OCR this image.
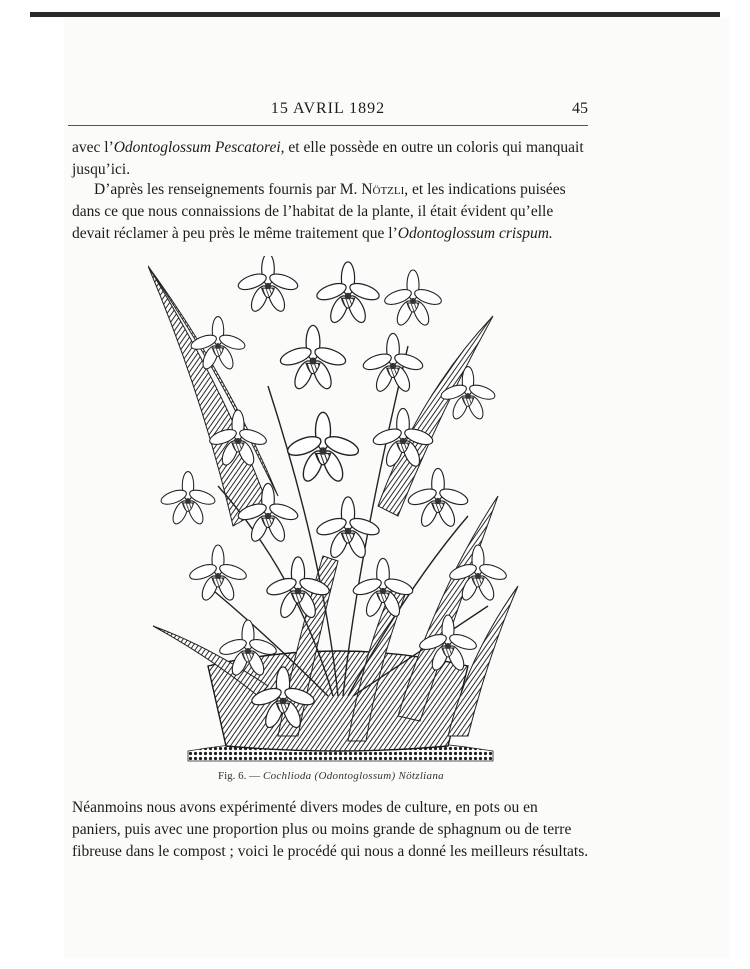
15 AVRIL 1892	45
avec l’Odontoglossum Pescatorei, et elle possède en outre un coloris qui manquait
jusqu’ici.
D’après les renseignements fournis par M. Nötzli, et les indications puisées
dans ce que nous connaissions de l’habitat de la plante, il était évident qu’elle
devait réclamer à peu près le même traitement que l’Odontoglossum crispum.
Fig. 6. — Cochlioda (Odontoglossum) Nötzliana
Néanmoins nous avons expérimenté divers modes de culture, en pots ou en
paniers, puis avec une proportion plus ou moins grande de sphagnum ou de terre
fibreuse dans le compost ; voici le procédé qui nous a donné les meilleurs résultats.
